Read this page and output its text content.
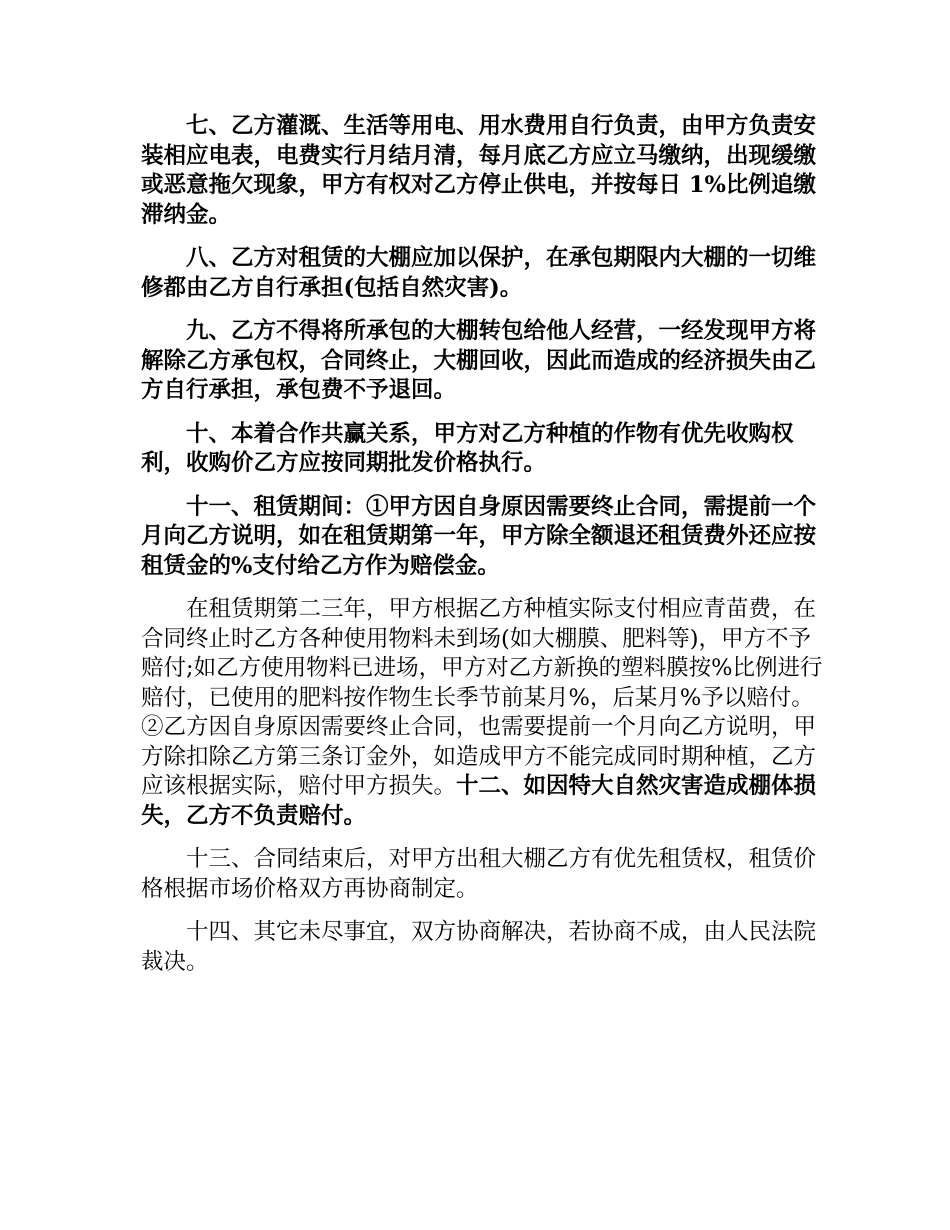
七、乙方灌溉、生活等用电、用水费用自行负责，由甲方负责安装相应电表，电费实行月结月清，每月底乙方应立马缴纳，出现缓缴或恶意拖欠现象，甲方有权对乙方停止供电，并按每日 1%比例追缴滞纳金。

八、乙方对租赁的大棚应加以保护，在承包期限内大棚的一切维修都由乙方自行承担(包括自然灾害)。

九、乙方不得将所承包的大棚转包给他人经营，一经发现甲方将解除乙方承包权，合同终止，大棚回收，因此而造成的经济损失由乙方自行承担，承包费不予退回。

十、本着合作共赢关系，甲方对乙方种植的作物有优先收购权利，收购价乙方应按同期批发价格执行。

十一、租赁期间：①甲方因自身原因需要终止合同，需提前一个月向乙方说明，如在租赁期第一年，甲方除全额退还租赁费外还应按租赁金的%支付给乙方作为赔偿金。

在租赁期第二三年，甲方根据乙方种植实际支付相应青苗费，在合同终止时乙方各种使用物料未到场(如大棚膜、肥料等)，甲方不予赔付;如乙方使用物料已进场，甲方对乙方新换的塑料膜按%比例进行赔付，已使用的肥料按作物生长季节前某月%，后某月%予以赔付。②乙方因自身原因需要终止合同，也需要提前一个月向乙方说明，甲方除扣除乙方第三条订金外，如造成甲方不能完成同时期种植，乙方应该根据实际，赔付甲方损失。十二、如因特大自然灾害造成棚体损失，乙方不负责赔付。

十三、合同结束后，对甲方出租大棚乙方有优先租赁权，租赁价格根据市场价格双方再协商制定。

十四、其它未尽事宜，双方协商解决，若协商不成，由人民法院裁决。
